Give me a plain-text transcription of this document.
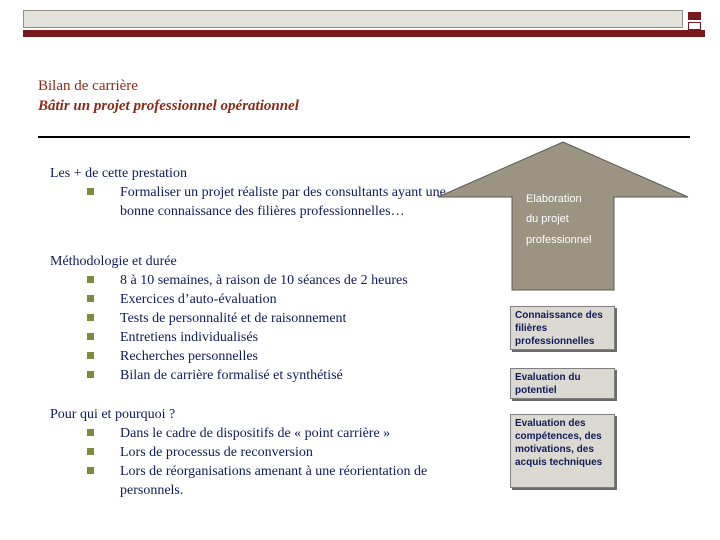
Bilan de carrière
Bâtir un projet professionnel opérationnel

Les + de cette prestation

Formaliser un projet réaliste par des consultants ayant une bonne connaissance des filières professionnelles…

Méthodologie et durée

8 à 10 semaines, à raison de 10 séances de 2 heures

Exercices d’auto-évaluation

Tests de personnalité et de raisonnement

Entretiens individualisés

Recherches personnelles

Bilan de carrière formalisé et synthétisé

Pour qui et pourquoi ?

Dans le cadre de dispositifs de « point carrière »

Lors de processus de reconversion

Lors de réorganisations amenant à une réorientation de personnels.

Elaboration
du projet
professionnel
Connaissance des filières professionnelles
Evaluation du potentiel
Evaluation des compétences, des motivations, des acquis techniques
